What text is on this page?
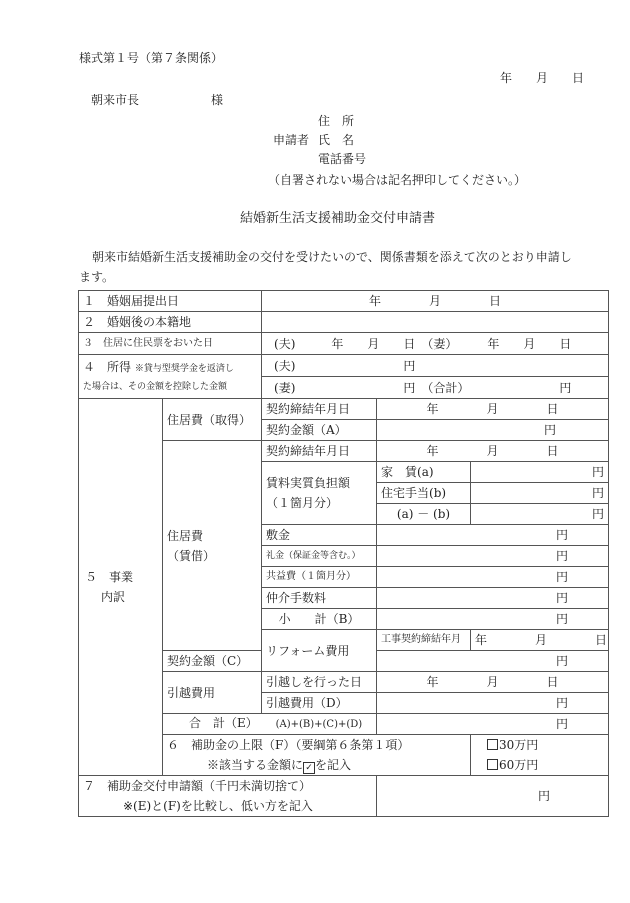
様式第１号（第７条関係）
年　　月　　日
朝来市長　　　　　　様
住　所
申請者 氏　名
電話番号
（自署されない場合は記名押印してください。）
結婚新生活支援補助金交付申請書
朝来市結婚新生活支援補助金の交付を受けたいので、関係書類を添えて次のとおり申請し
ます。
１　婚姻届提出日		年　　　　月　　　　日		
２　婚姻後の本籍地				
３　住居に住民票をおいた日		(夫)　　　年　　月　　日　（妻）　　　年　　月　　日		
４　所得 ※貸与型奨学金を返済し
た場合は、その金額を控除した金額		(夫)　　　　　　　　　円		
		(妻)　　　　　　　　　円　（合計）　　　　　　　　円		
５　事業
内訳	住居費（取得）	契約締結年月日	年　　　　月　　　　日	
		契約金額（A）	円	
	住居費
（賃借）	契約締結年月日	年　　　　月　　　　日	
		賃料実質負担額
（１箇月分）	家　賃(a)	円
			住宅手当(b)	円
			(a) － (b)	円
		敷金	円	
		礼金（保証金等含む。）	円	
		共益費（１箇月分）	円	
		仲介手数料	円	
		小　　計（B）	円	
		リフォーム費用	工事契約締結年月	年　　　　月　　　　日
	契約金額（C）		円	
	引越費用	引越しを行った日	年　　　　月　　　　日	
		引越費用（D）	円	
	合　計（E） (A)+(B)+(C)+(D)		円	
	６　補助金の上限（F）（要綱第６条第１項）
※該当する金額に ✓ を記入			30万円
60万円
７　補助金交付申請額（千円未満切捨て）
※(E)と(F)を比較し、低い方を記入			円	
